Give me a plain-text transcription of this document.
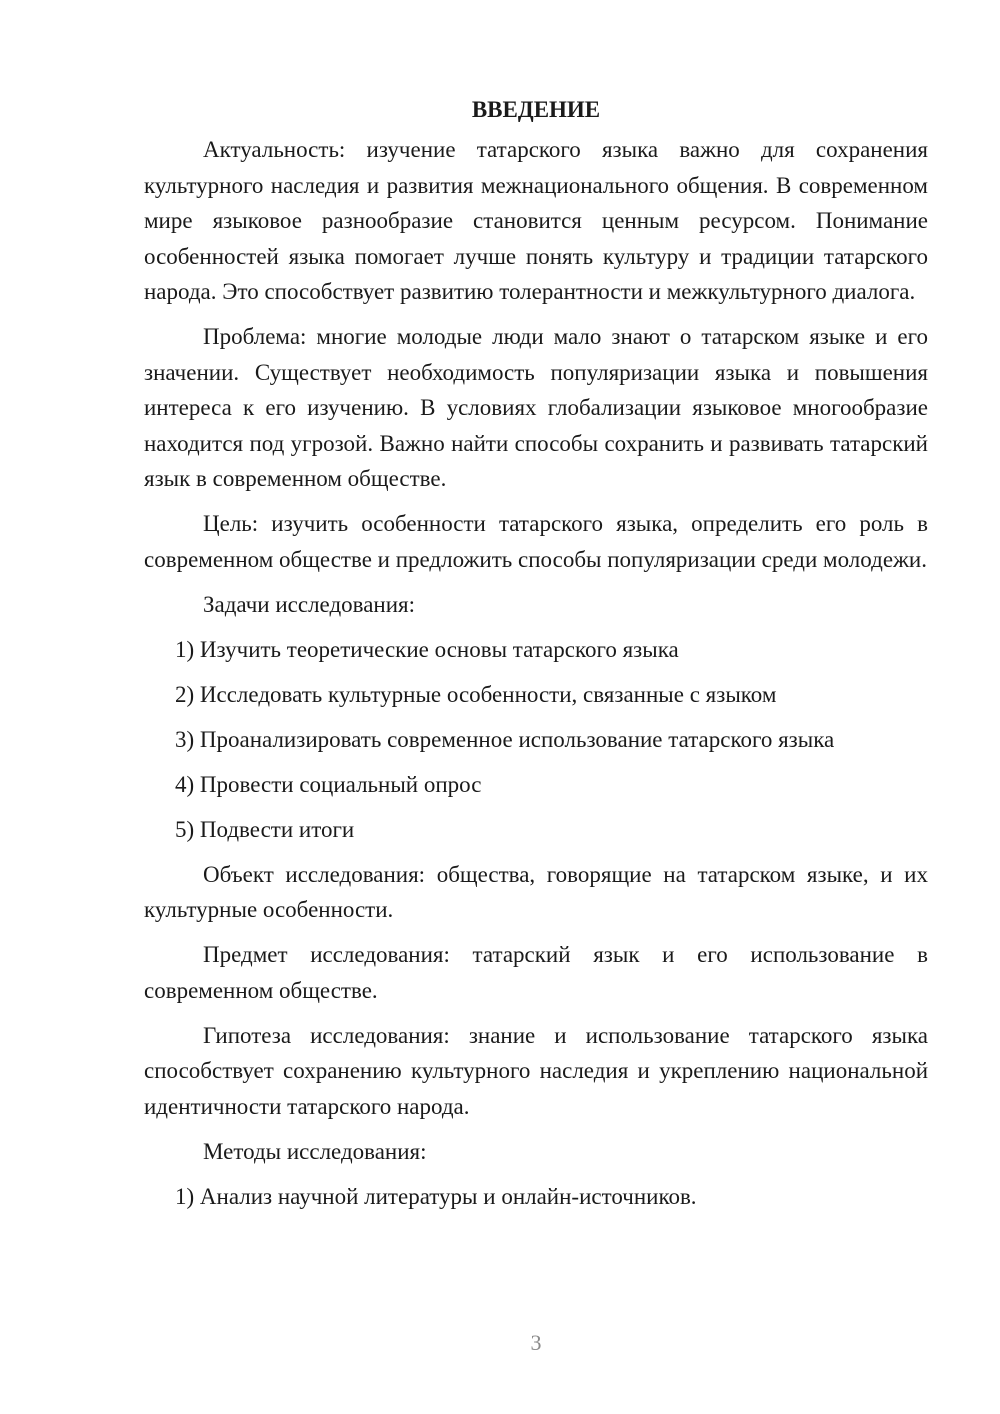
ВВЕДЕНИЕ

Актуальность: изучение татарского языка важно для сохранения культурного наследия и развития межнационального общения. В современном мире языковое разнообразие становится ценным ресурсом. Понимание особенностей языка помогает лучше понять культуру и традиции татарского народа. Это способствует развитию толерантности и межкультурного диалога.

Проблема: многие молодые люди мало знают о татарском языке и его значении. Существует необходимость популяризации языка и повышения интереса к его изучению. В условиях глобализации языковое многообразие находится под угрозой. Важно найти способы сохранить и развивать татарский язык в современном обществе.

Цель: изучить особенности татарского языка, определить его роль в современном обществе и предложить способы популяризации среди молодежи.

Задачи исследования:

1) Изучить теоретические основы татарского языка

2) Исследовать культурные особенности, связанные с языком

3) Проанализировать современное использование татарского языка

4) Провести социальный опрос

5) Подвести итоги

Объект исследования: общества, говорящие на татарском языке, и их культурные особенности.

Предмет исследования: татарский язык и его использование в современном обществе.

Гипотеза исследования: знание и использование татарского языка способствует сохранению культурного наследия и укреплению национальной идентичности татарского народа.

Методы исследования:

1) Анализ научной литературы и онлайн-источников.

3
